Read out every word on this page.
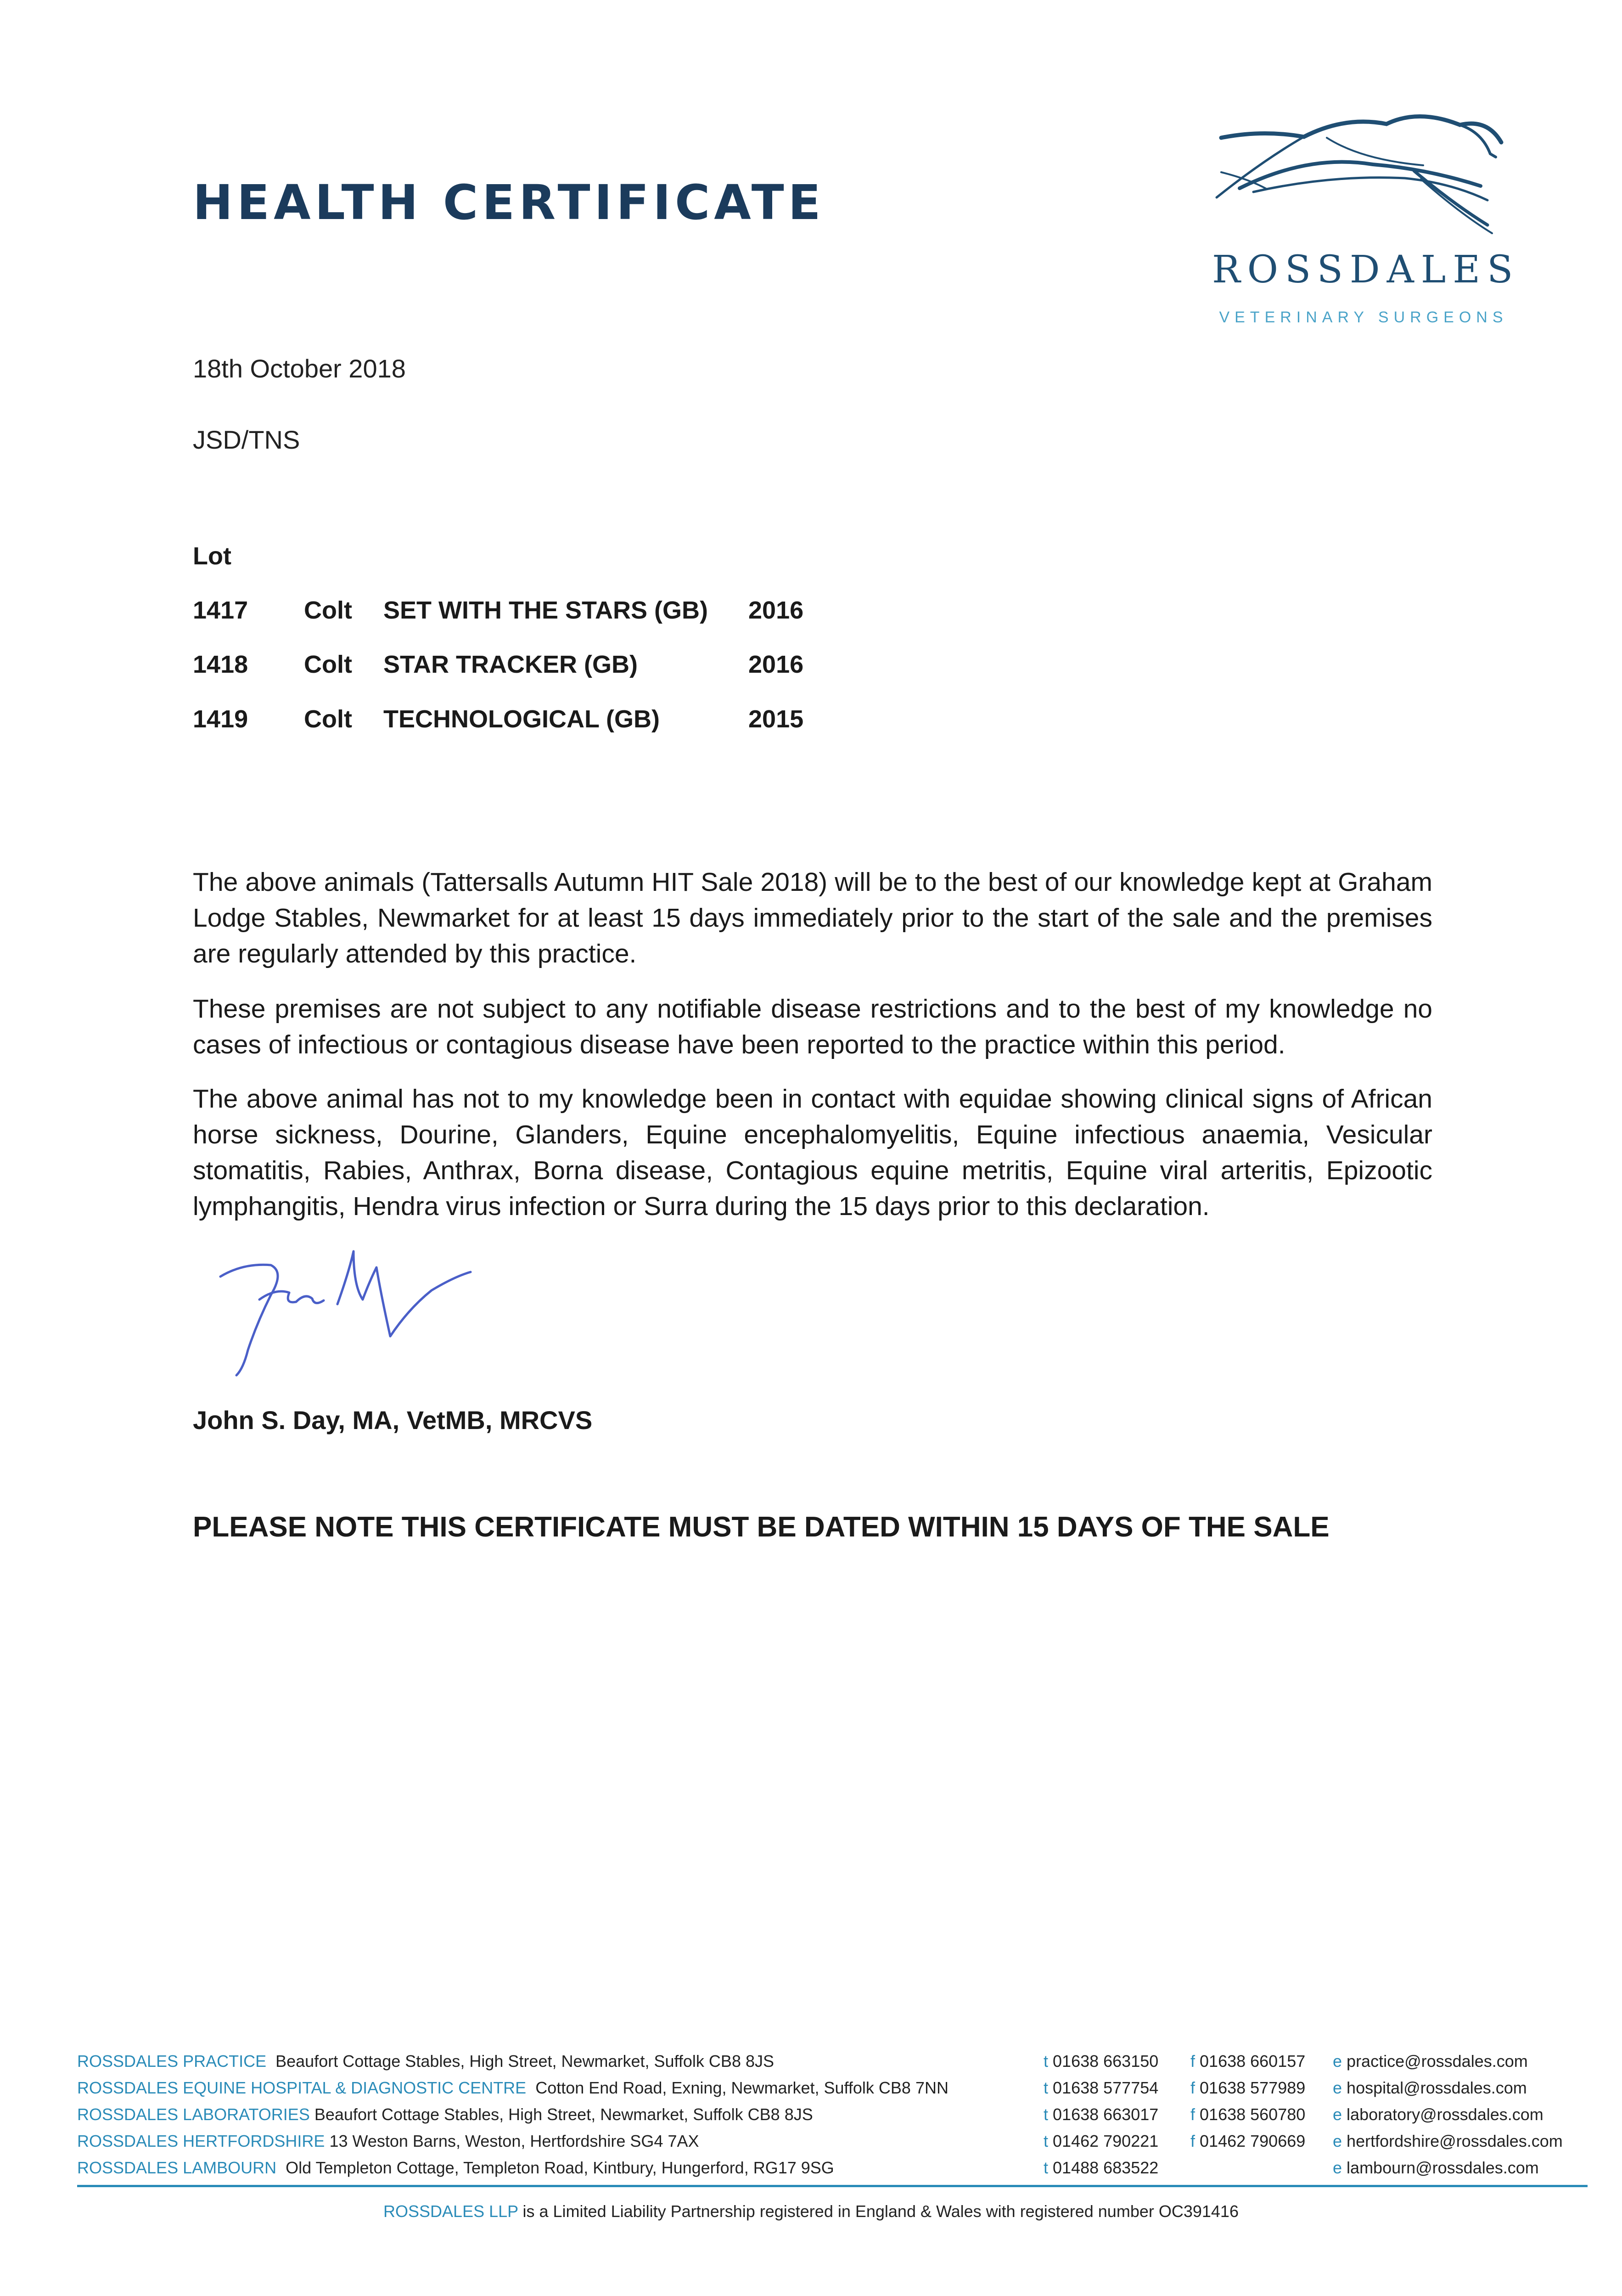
HEALTH CERTIFICATE
ROSSDALES
VETERINARY SURGEONS
18th October 2018
JSD/TNS
Lot
1417 Colt SET WITH THE STARS (GB) 2016
1418 Colt STAR TRACKER (GB)	2016
1419 Colt TECHNOLOGICAL (GB)	2015

The above animals (Tattersalls Autumn HIT Sale 2018) will be to the best of our knowledge kept at Graham Lodge Stables, Newmarket for at least 15 days immediately prior to the start of the sale and the premises are regularly attended by this practice.

These premises are not subject to any notifiable disease restrictions and to the best of my knowledge no cases of infectious or contagious disease have been reported to the practice within this period.

The above animal has not to my knowledge been in contact with equidae showing clinical signs of African horse sickness, Dourine, Glanders, Equine encephalomyelitis, Equine infectious anaemia, Vesicular stomatitis, Rabies, Anthrax, Borna disease, Contagious equine metritis, Equine viral arteritis, Epizootic lymphangitis, Hendra virus infection or Surra during the 15 days prior to this declaration.

John S. Day, MA, VetMB, MRCVS
PLEASE NOTE THIS CERTIFICATE MUST BE DATED WITHIN 15 DAYS OF THE SALE
ROSSDALES PRACTICE Beaufort Cottage Stables, High Street, Newmarket, Suffolk CB8 8JS	t 01638 663150 f 01638 660157 e practice@rossdales.com
ROSSDALES EQUINE HOSPITAL & DIAGNOSTIC CENTRE Cotton End Road, Exning, Newmarket, Suffolk CB8 7NN	t 01638 577754 f 01638 577989 e hospital@rossdales.com
ROSSDALES LABORATORIES Beaufort Cottage Stables, High Street, Newmarket, Suffolk CB8 8JS	t 01638 663017 f 01638 560780 e laboratory@rossdales.com
ROSSDALES HERTFORDSHIRE 13 Weston Barns, Weston, Hertfordshire SG4 7AX	t 01462 790221 f 01462 790669 e hertfordshire@rossdales.com
ROSSDALES LAMBOURN Old Templeton Cottage, Templeton Road, Kintbury, Hungerford, RG17 9SG	t 01488 683522	e lambourn@rossdales.com
ROSSDALES LLP is a Limited Liability Partnership registered in England & Wales with registered number OC391416
